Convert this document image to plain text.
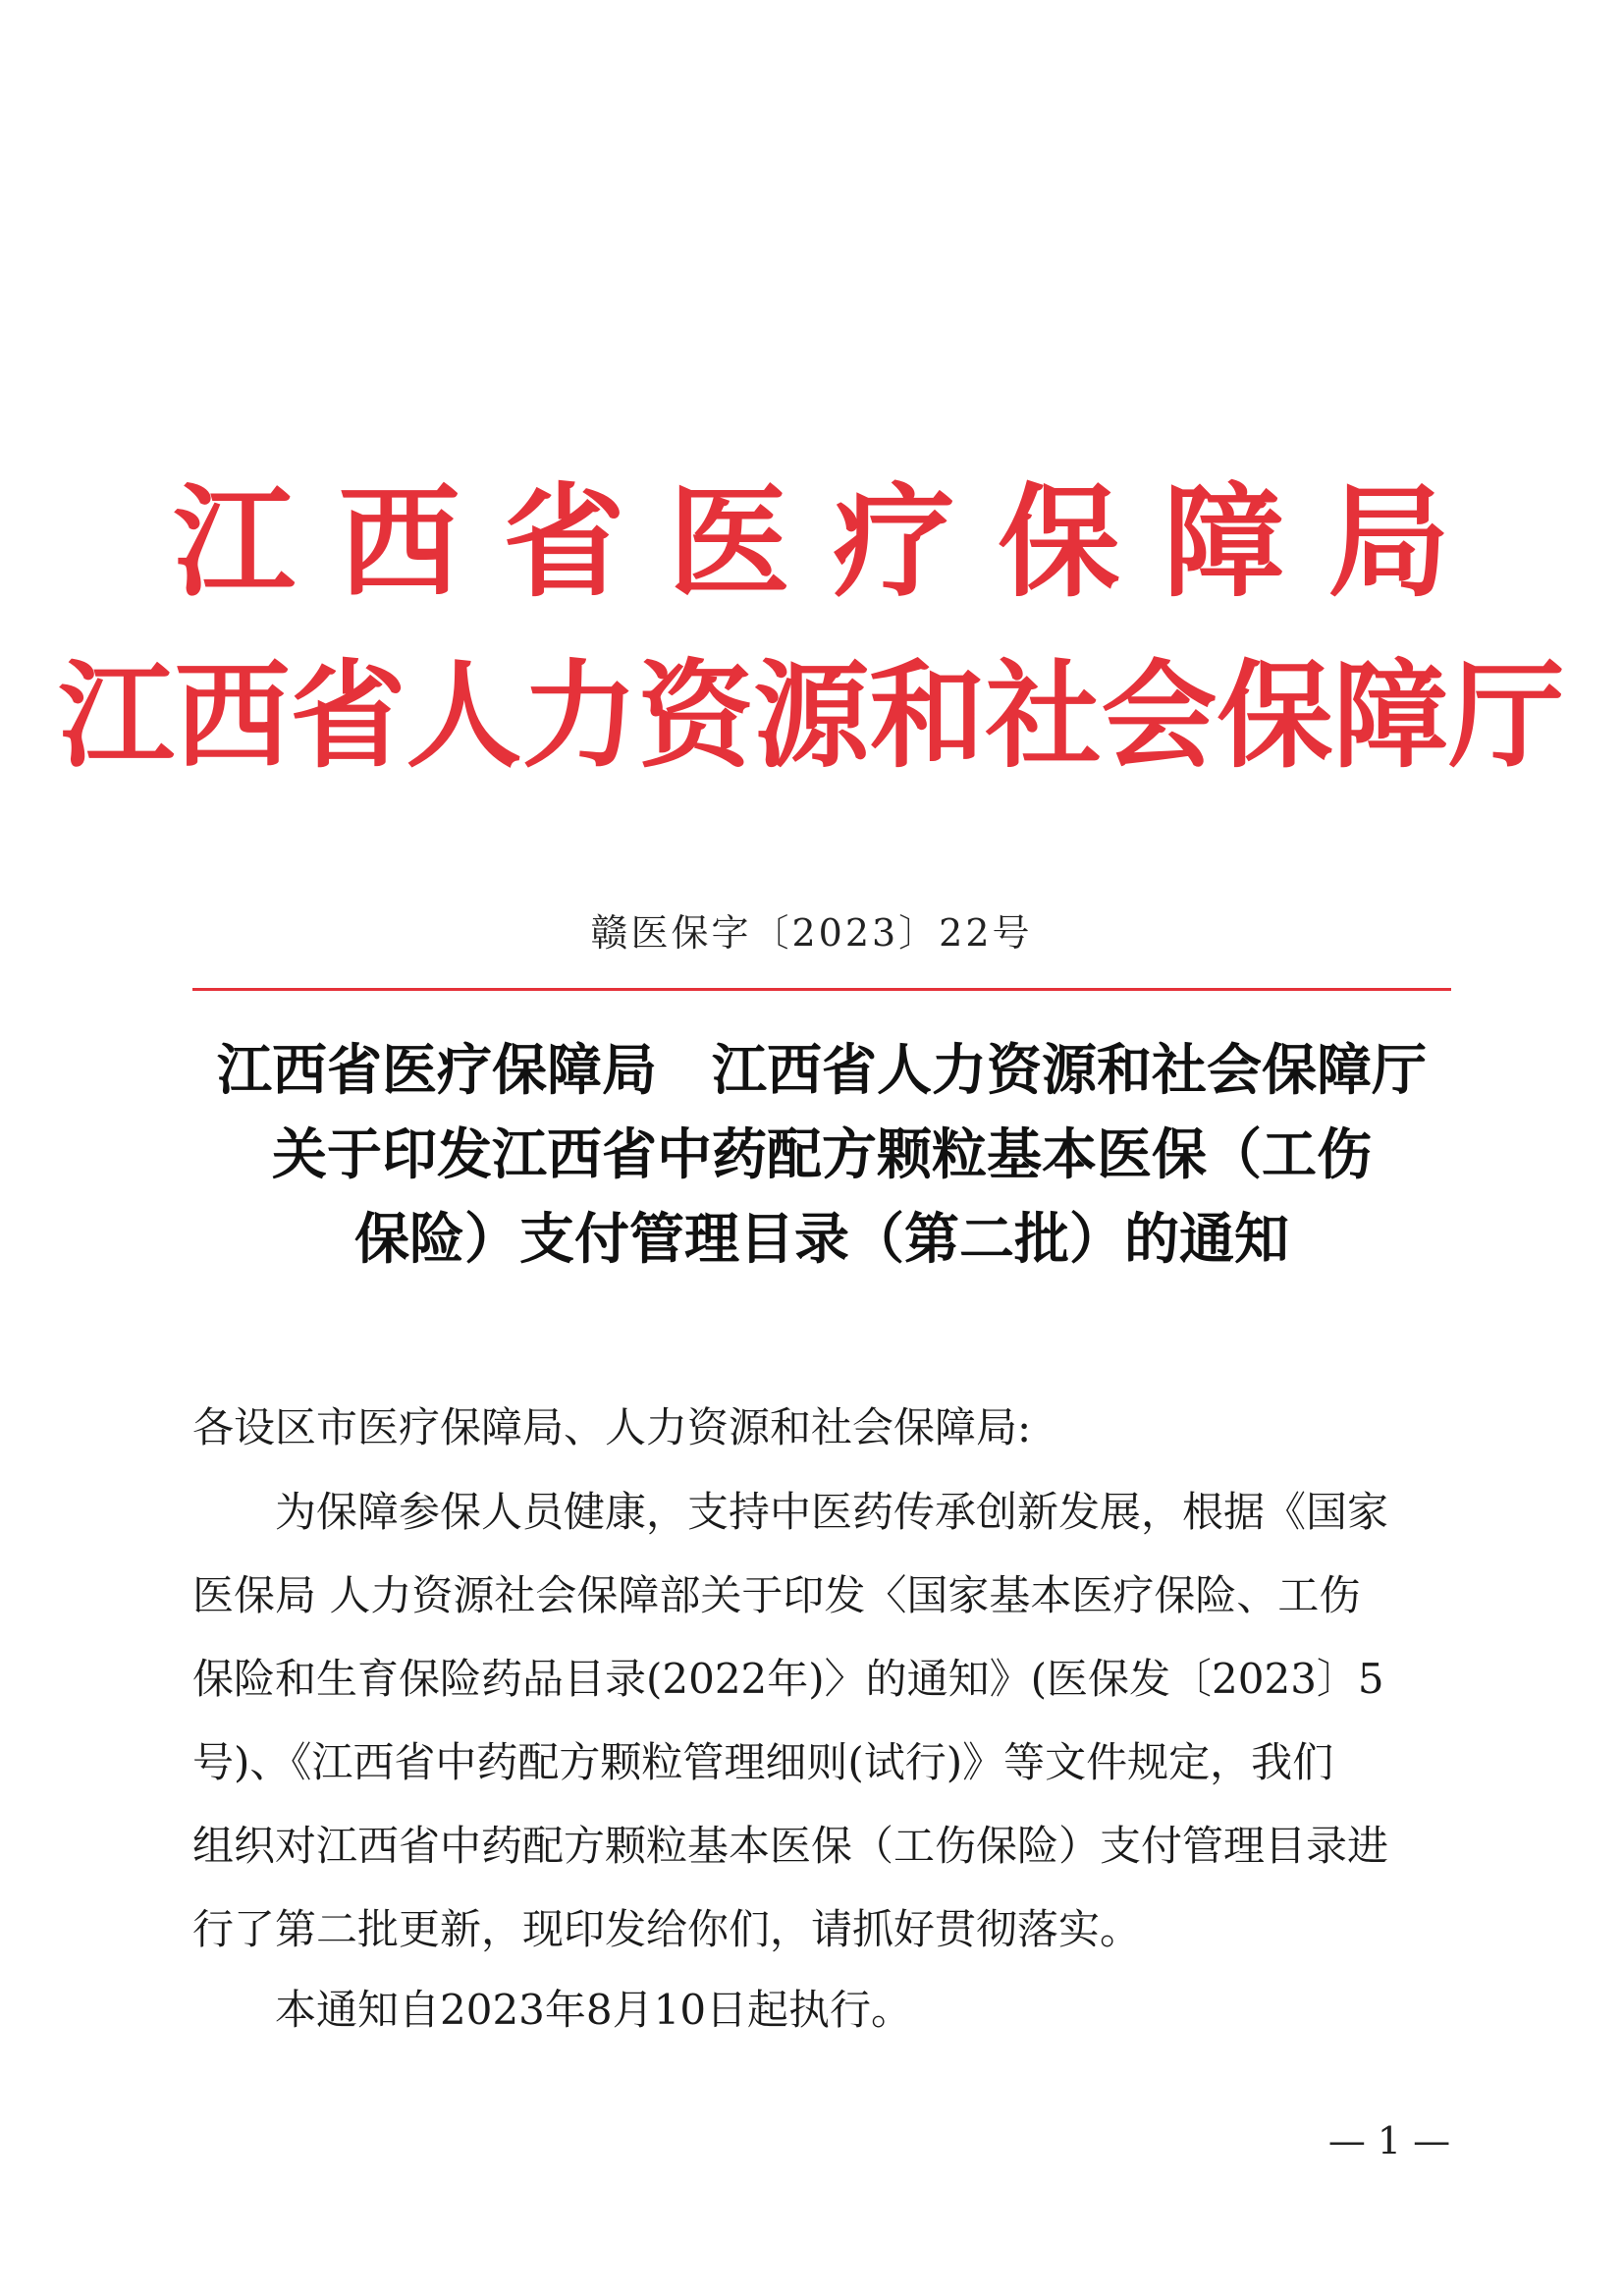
江西省医疗保障局
江西省人力资源和社会保障厅
赣医保字〔2023〕22号
江西省医疗保障局　江西省人力资源和社会保障厅
关于印发江西省中药配方颗粒基本医保（工伤
保险）支付管理目录（第二批）的通知
各设区市医疗保障局、人力资源和社会保障局:
为保障参保人员健康，支持中医药传承创新发展，根据《国家
医保局 人力资源社会保障部关于印发〈国家基本医疗保险、工伤
保险和生育保险药品目录(2022年)〉的通知》(医保发〔2023〕5
号)、《江西省中药配方颗粒管理细则(试行)》等文件规定，我们
组织对江西省中药配方颗粒基本医保（工伤保险）支付管理目录进
行了第二批更新，现印发给你们，请抓好贯彻落实。
本通知自2023年8月10日起执行。
— 1 —
